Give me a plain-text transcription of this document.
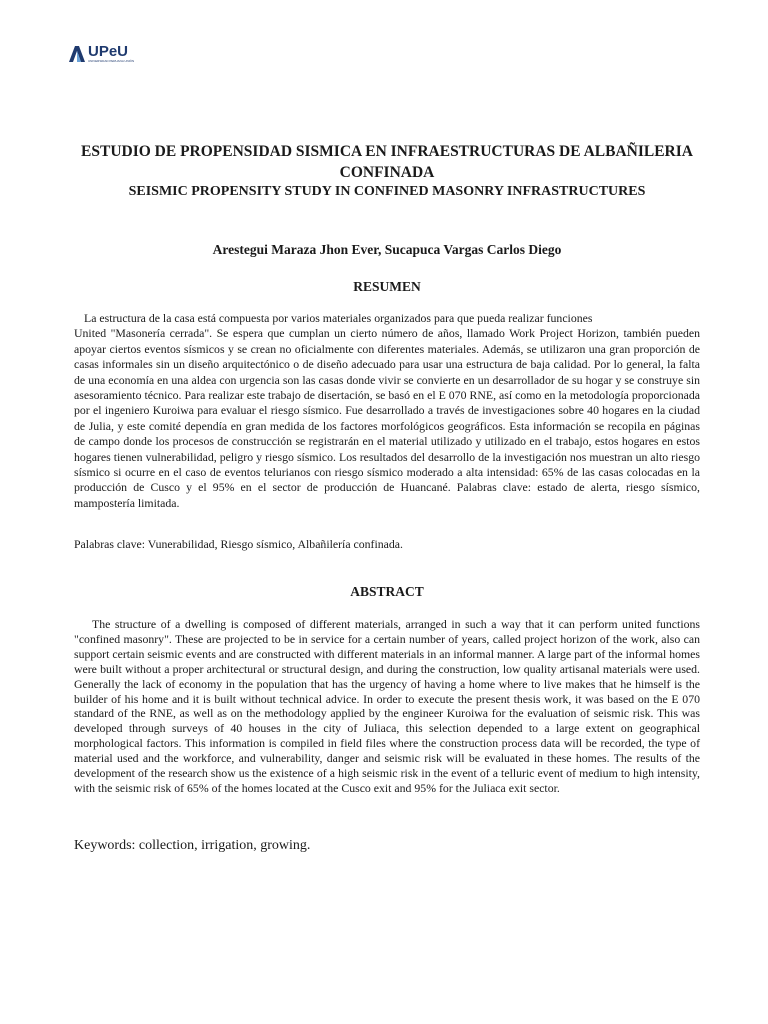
UPeU
UNIVERSIDAD PERUANA UNIÓN
ESTUDIO DE PROPENSIDAD SISMICA EN INFRAESTRUCTURAS DE ALBAÑILERIA CONFINADA
SEISMIC PROPENSITY STUDY IN CONFINED MASONRY INFRASTRUCTURES
Arestegui Maraza Jhon Ever, Sucapuca Vargas Carlos Diego
RESUMEN

La estructura de la casa está compuesta por varios materiales organizados para que pueda realizar funciones
United "Masonería cerrada". Se espera que cumplan un cierto número de años, llamado Work Project Horizon, también pueden apoyar ciertos eventos sísmicos y se crean no oficialmente con diferentes materiales. Además, se utilizaron una gran proporción de casas informales sin un diseño arquitectónico o de diseño adecuado para usar una estructura de baja calidad. Por lo general, la falta de una economía en una aldea con urgencia son las casas donde vivir se convierte en un desarrollador de su hogar y se construye sin asesoramiento técnico. Para realizar este trabajo de disertación, se basó en el E 070 RNE, así como en la metodología proporcionada por el ingeniero Kuroiwa para evaluar el riesgo sísmico. Fue desarrollado a través de investigaciones sobre 40 hogares en la ciudad de Julia, y este comité dependía en gran medida de los factores morfológicos geográficos. Esta información se recopila en páginas de campo donde los procesos de construcción se registrarán en el material utilizado y utilizado en el trabajo, estos hogares en estos hogares tienen vulnerabilidad, peligro y riesgo sísmico. Los resultados del desarrollo de la investigación nos muestran un alto riesgo sísmico si ocurre en el caso de eventos telurianos con riesgo sísmico moderado a alta intensidad: 65% de las casas colocadas en la producción de Cusco y el 95% en el sector de producción de Huancané. Palabras clave: estado de alerta, riesgo sísmico, mampostería limitada.

Palabras clave: Vunerabilidad, Riesgo sísmico, Albañilería confinada.

ABSTRACT

The structure of a dwelling is composed of different materials, arranged in such a way that it can perform united functions "confined masonry". These are projected to be in service for a certain number of years, called project horizon of the work, also can support certain seismic events and are constructed with different materials in an informal manner. A large part of the informal homes were built without a proper architectural or structural design, and during the construction, low quality artisanal materials were used. Generally the lack of economy in the population that has the urgency of having a home where to live makes that he himself is the builder of his home and it is built without technical advice. In order to execute the present thesis work, it was based on the E 070 standard of the RNE, as well as on the methodology applied by the engineer Kuroiwa for the evaluation of seismic risk. This was developed through surveys of 40 houses in the city of Juliaca, this selection depended to a large extent on geographical morphological factors. This information is compiled in field files where the construction process data will be recorded, the type of material used and the workforce, and vulnerability, danger and seismic risk will be evaluated in these homes. The results of the development of the research show us the existence of a high seismic risk in the event of a telluric event of medium to high intensity, with the seismic risk of 65% of the homes located at the Cusco exit and 95% for the Juliaca exit sector.

Keywords: collection, irrigation, growing.
